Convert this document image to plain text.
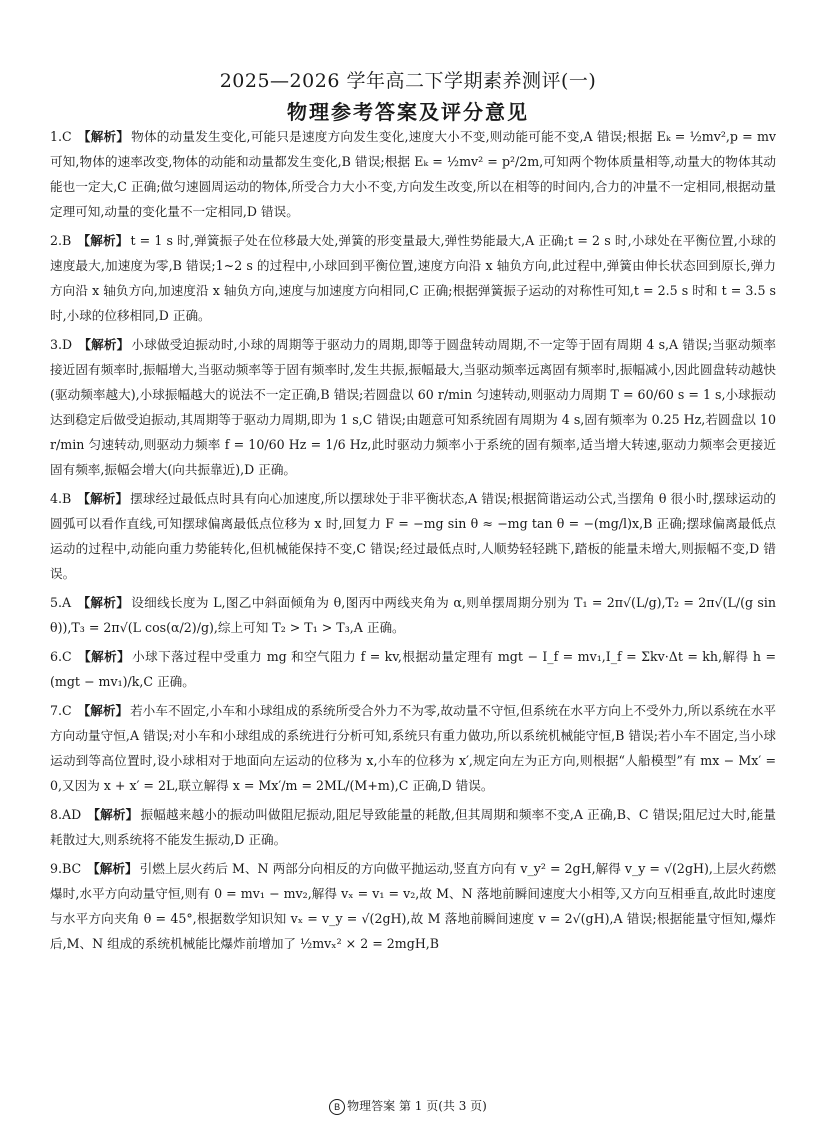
2025—2026 学年高二下学期素养测评(一)
物理参考答案及评分意见

1.C 【解析】 物体的动量发生变化,可能只是速度方向发生变化,速度大小不变,则动能可能不变,A 错误;根据 Eₖ = ½mv²,p = mv 可知,物体的速率改变,物体的动能和动量都发生变化,B 错误;根据 Eₖ = ½mv² = p²/2m,可知两个物体质量相等,动量大的物体其动能也一定大,C 正确;做匀速圆周运动的物体,所受合力大小不变,方向发生改变,所以在相等的时间内,合力的冲量不一定相同,根据动量定理可知,动量的变化量不一定相同,D 错误。

2.B 【解析】 t = 1 s 时,弹簧振子处在位移最大处,弹簧的形变量最大,弹性势能最大,A 正确;t = 2 s 时,小球处在平衡位置,小球的速度最大,加速度为零,B 错误;1~2 s 的过程中,小球回到平衡位置,速度方向沿 x 轴负方向,此过程中,弹簧由伸长状态回到原长,弹力方向沿 x 轴负方向,加速度沿 x 轴负方向,速度与加速度方向相同,C 正确;根据弹簧振子运动的对称性可知,t = 2.5 s 时和 t = 3.5 s 时,小球的位移相同,D 正确。

3.D 【解析】 小球做受迫振动时,小球的周期等于驱动力的周期,即等于圆盘转动周期,不一定等于固有周期 4 s,A 错误;当驱动频率接近固有频率时,振幅增大,当驱动频率等于固有频率时,发生共振,振幅最大,当驱动频率远离固有频率时,振幅减小,因此圆盘转动越快(驱动频率越大),小球振幅越大的说法不一定正确,B 错误;若圆盘以 60 r/min 匀速转动,则驱动力周期 T = 60/60 s = 1 s,小球振动达到稳定后做受迫振动,其周期等于驱动力周期,即为 1 s,C 错误;由题意可知系统固有周期为 4 s,固有频率为 0.25 Hz,若圆盘以 10 r/min 匀速转动,则驱动力频率 f = 10/60 Hz = 1/6 Hz,此时驱动力频率小于系统的固有频率,适当增大转速,驱动力频率会更接近固有频率,振幅会增大(向共振靠近),D 正确。

4.B 【解析】 摆球经过最低点时具有向心加速度,所以摆球处于非平衡状态,A 错误;根据简谐运动公式,当摆角 θ 很小时,摆球运动的圆弧可以看作直线,可知摆球偏离最低点位移为 x 时,回复力 F = −mg sin θ ≈ −mg tan θ = −(mg/l)x,B 正确;摆球偏离最低点运动的过程中,动能向重力势能转化,但机械能保持不变,C 错误;经过最低点时,人顺势轻轻跳下,踏板的能量未增大,则振幅不变,D 错误。

5.A 【解析】 设细线长度为 L,图乙中斜面倾角为 θ,图丙中两线夹角为 α,则单摆周期分别为 T₁ = 2π√(L/g),T₂ = 2π√(L/(g sin θ)),T₃ = 2π√(L cos(α/2)/g),综上可知 T₂ > T₁ > T₃,A 正确。

6.C 【解析】 小球下落过程中受重力 mg 和空气阻力 f = kv,根据动量定理有 mgt − I_f = mv₁,I_f = Σkv·Δt = kh,解得 h = (mgt − mv₁)/k,C 正确。

7.C 【解析】 若小车不固定,小车和小球组成的系统所受合外力不为零,故动量不守恒,但系统在水平方向上不受外力,所以系统在水平方向动量守恒,A 错误;对小车和小球组成的系统进行分析可知,系统只有重力做功,所以系统机械能守恒,B 错误;若小车不固定,当小球运动到等高位置时,设小球相对于地面向左运动的位移为 x,小车的位移为 x′,规定向左为正方向,则根据“人船模型”有 mx − Mx′ = 0,又因为 x + x′ = 2L,联立解得 x = Mx′/m = 2ML/(M+m),C 正确,D 错误。

8.AD 【解析】 振幅越来越小的振动叫做阻尼振动,阻尼导致能量的耗散,但其周期和频率不变,A 正确,B、C 错误;阻尼过大时,能量耗散过大,则系统将不能发生振动,D 正确。

9.BC 【解析】 引燃上层火药后 M、N 两部分向相反的方向做平抛运动,竖直方向有 v_y² = 2gH,解得 v_y = √(2gH),上层火药燃爆时,水平方向动量守恒,则有 0 = mv₁ − mv₂,解得 vₓ = v₁ = v₂,故 M、N 落地前瞬间速度大小相等,又方向互相垂直,故此时速度与水平方向夹角 θ = 45°,根据数学知识知 vₓ = v_y = √(2gH),故 M 落地前瞬间速度 v = 2√(gH),A 错误;根据能量守恒知,爆炸后,M、N 组成的系统机械能比爆炸前增加了 ½mvₓ² × 2 = 2mgH,B

B 物理答案 第 1 页(共 3 页)
